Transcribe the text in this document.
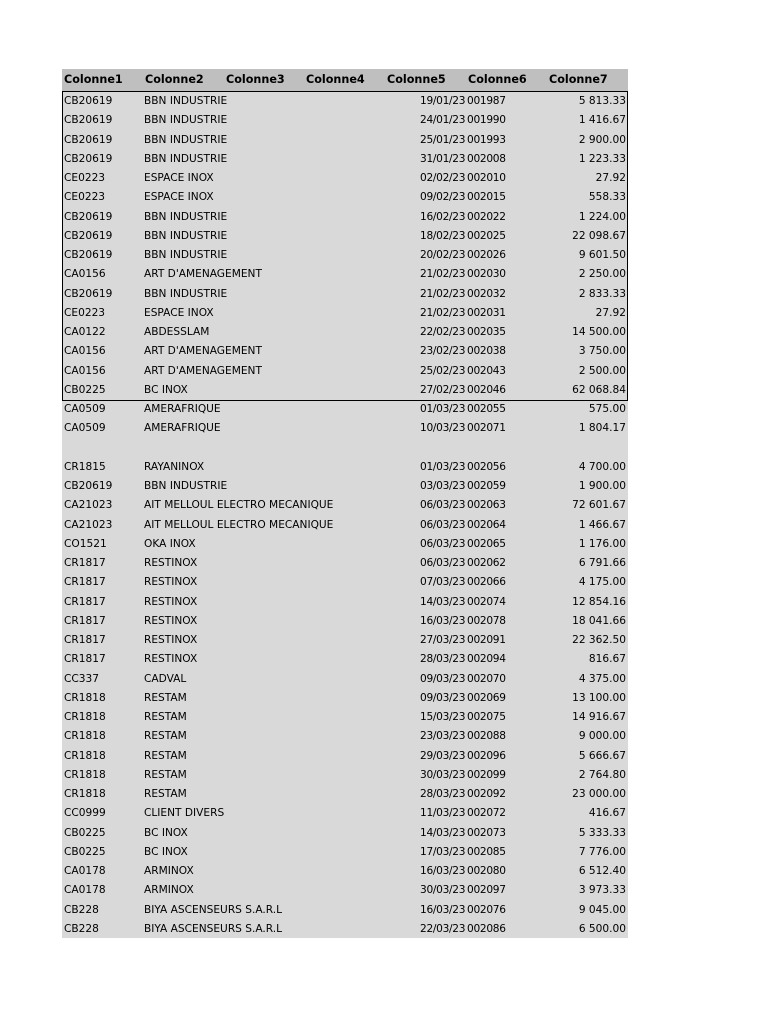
Colonne1 Colonne2 Colonne3 Colonne4 Colonne5 Colonne6 Colonne7
CB20619	BBN INDUSTRIE	19/01/23 001987	5 813.33
CB20619	BBN INDUSTRIE	24/01/23 001990	1 416.67
CB20619	BBN INDUSTRIE	25/01/23 001993	2 900.00
CB20619	BBN INDUSTRIE	31/01/23 002008	1 223.33
CE0223	ESPACE INOX	02/02/23 002010	27.92
CE0223	ESPACE INOX	09/02/23 002015	558.33
CB20619	BBN INDUSTRIE	16/02/23 002022	1 224.00
CB20619	BBN INDUSTRIE	18/02/23 002025	22 098.67
CB20619	BBN INDUSTRIE	20/02/23 002026	9 601.50
CA0156	ART D'AMENAGEMENT	21/02/23 002030	2 250.00
CB20619	BBN INDUSTRIE	21/02/23 002032	2 833.33
CE0223	ESPACE INOX	21/02/23 002031	27.92
CA0122	ABDESSLAM	22/02/23 002035	14 500.00
CA0156	ART D'AMENAGEMENT	23/02/23 002038	3 750.00
CA0156	ART D'AMENAGEMENT	25/02/23 002043	2 500.00
CB0225	BC INOX	27/02/23 002046	62 068.84
CA0509	AMERAFRIQUE	01/03/23 002055	575.00
CA0509	AMERAFRIQUE	10/03/23 002071	1 804.17
CR1815	RAYANINOX	01/03/23 002056	4 700.00
CB20619	BBN INDUSTRIE	03/03/23 002059	1 900.00
CA21023	AIT MELLOUL ELECTRO MECANIQUE	06/03/23 002063	72 601.67
CA21023	AIT MELLOUL ELECTRO MECANIQUE	06/03/23 002064	1 466.67
CO1521	OKA INOX	06/03/23 002065	1 176.00
CR1817	RESTINOX	06/03/23 002062	6 791.66
CR1817	RESTINOX	07/03/23 002066	4 175.00
CR1817	RESTINOX	14/03/23 002074	12 854.16
CR1817	RESTINOX	16/03/23 002078	18 041.66
CR1817	RESTINOX	27/03/23 002091	22 362.50
CR1817	RESTINOX	28/03/23 002094	816.67
CC337	CADVAL	09/03/23 002070	4 375.00
CR1818	RESTAM	09/03/23 002069	13 100.00
CR1818	RESTAM	15/03/23 002075	14 916.67
CR1818	RESTAM	23/03/23 002088	9 000.00
CR1818	RESTAM	29/03/23 002096	5 666.67
CR1818	RESTAM	30/03/23 002099	2 764.80
CR1818	RESTAM	28/03/23 002092	23 000.00
CC0999	CLIENT DIVERS	11/03/23 002072	416.67
CB0225	BC INOX	14/03/23 002073	5 333.33
CB0225	BC INOX	17/03/23 002085	7 776.00
CA0178	ARMINOX	16/03/23 002080	6 512.40
CA0178	ARMINOX	30/03/23 002097	3 973.33
CB228	BIYA ASCENSEURS S.A.R.L	16/03/23 002076	9 045.00
CB228	BIYA ASCENSEURS S.A.R.L	22/03/23 002086	6 500.00
